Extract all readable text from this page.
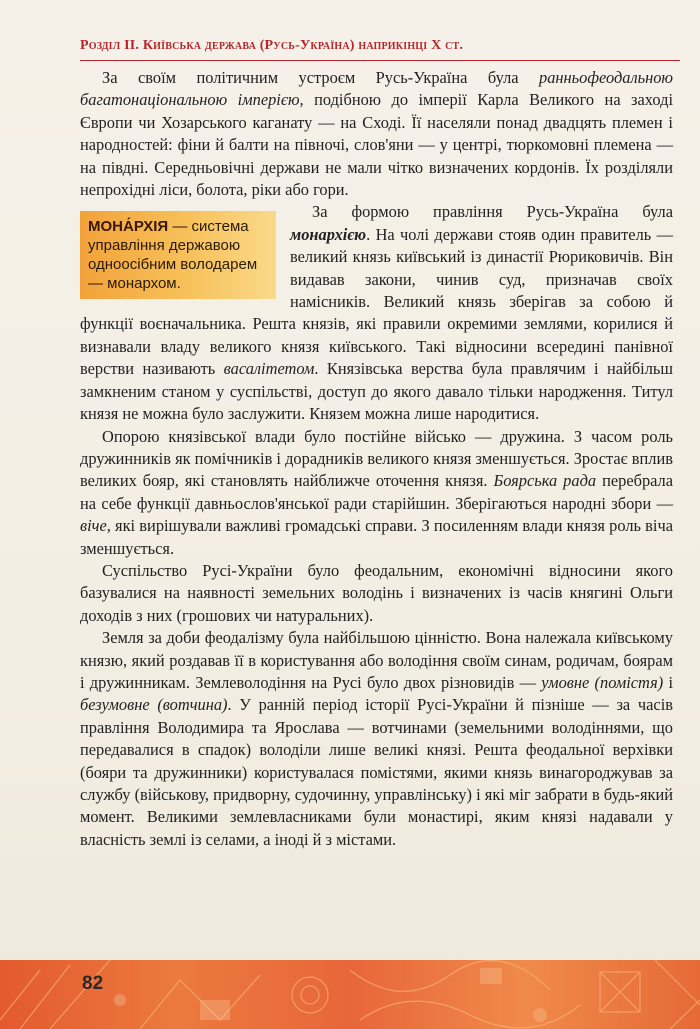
Розділ II. Київська держава (Русь-Україна) наприкінці Х ст.

За своїм політичним устроєм Русь-Україна була ранньофеодальною багатонаціональною імперією, подібною до імперії Карла Великого на заході Європи чи Хозарського каганату — на Сході. Її населяли понад двадцять племен і народностей: фіни й балти на півночі, слов'яни — у центрі, тюркомовні племена — на півдні. Середньовічні держави не мали чітко визначених кордонів. Їх розділяли непрохідні ліси, болота, ріки або гори.

МОНА́РХІЯ — система управління державою одноосібним володарем — монархом.

За формою правління Русь-Україна була монархією. На чолі держави стояв один правитель — великий князь київський із династії Рюриковичів. Він видавав закони, чинив суд, призначав своїх намісників. Великий князь зберігав за собою й функції воєначальника. Решта князів, які правили окремими землями, корилися й визнавали владу великого князя київського. Такі відносини всередині панівної верстви називають васалітетом. Князівська верства була правлячим і найбільш замкненим станом у суспільстві, доступ до якого давало тільки народження. Титул князя не можна було заслужити. Князем можна лише народитися.

Опорою князівської влади було постійне військо — дружина. З часом роль дружинників як помічників і дорадників великого князя зменшується. Зростає вплив великих бояр, які становлять найближче оточення князя. Боярська рада перебрала на себе функції давньослов'янської ради старійшин. Зберігаються народні збори — віче, які вирішували важливі громадські справи. З посиленням влади князя роль віча зменшується.

Суспільство Русі-України було феодальним, економічні відносини якого базувалися на наявності земельних володінь і визначених із часів княгині Ольги доходів з них (грошових чи натуральних).

Земля за доби феодалізму була найбільшою цінністю. Вона належала київському князю, який роздавав її в користування або володіння своїм синам, родичам, боярам і дружинникам. Землеволодіння на Русі було двох різновидів — умовне (помістя) і безумовне (вотчина). У ранній період історії Русі-України й пізніше — за часів правління Володимира та Ярослава — вотчинами (земельними володіннями, що передавалися в спадок) володіли лише великі князі. Решта феодальної верхівки (бояри та дружинники) користувалася помістями, якими князь винагороджував за службу (військову, придворну, судочинну, управлінську) і які міг забрати в будь-який момент. Великими землевласниками були монастирі, яким князі надавали у власність землі із селами, а іноді й з містами.

82
